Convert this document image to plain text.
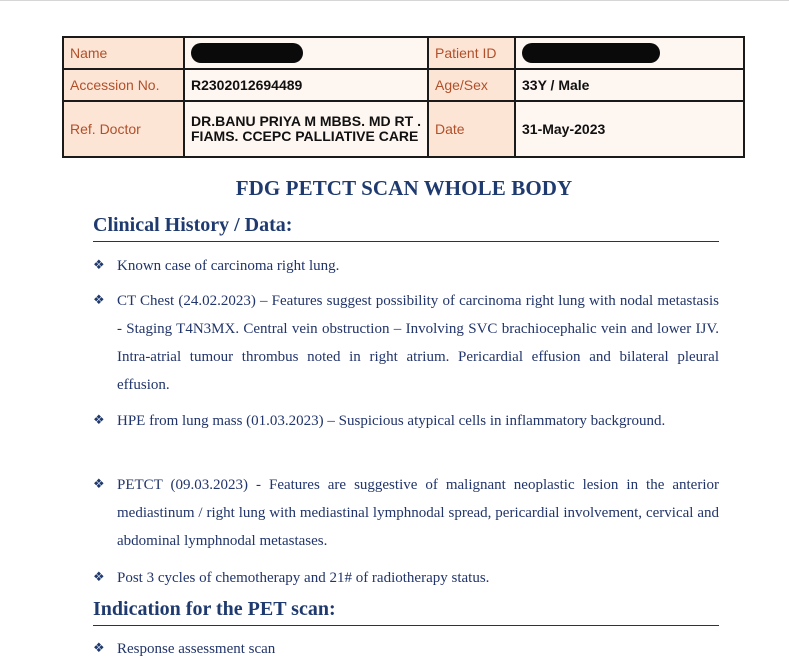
Name		Patient ID	
Accession No.	R2302012694489	Age/Sex	33Y / Male
Ref. Doctor	DR.BANU PRIYA M MBBS. MD RT . FIAMS. CCEPC PALLIATIVE CARE	Date	31-May-2023
FDG PETCT SCAN WHOLE BODY
Clinical History / Data:
❖ Known case of carcinoma right lung.
❖ CT Chest (24.02.2023) – Features suggest possibility of carcinoma right lung with nodal metastasis - Staging T4N3MX. Central vein obstruction – Involving SVC brachiocephalic vein and lower IJV. Intra-atrial tumour thrombus noted in right atrium. Pericardial effusion and bilateral pleural effusion.
❖ HPE from lung mass (01.03.2023) – Suspicious atypical cells in inflammatory background.
❖ PETCT (09.03.2023) - Features are suggestive of malignant neoplastic lesion in the anterior mediastinum / right lung with mediastinal lymphnodal spread, pericardial involvement, cervical and abdominal lymphnodal metastases.
❖ Post 3 cycles of chemotherapy and 21# of radiotherapy status.
Indication for the PET scan:
❖ Response assessment scan
